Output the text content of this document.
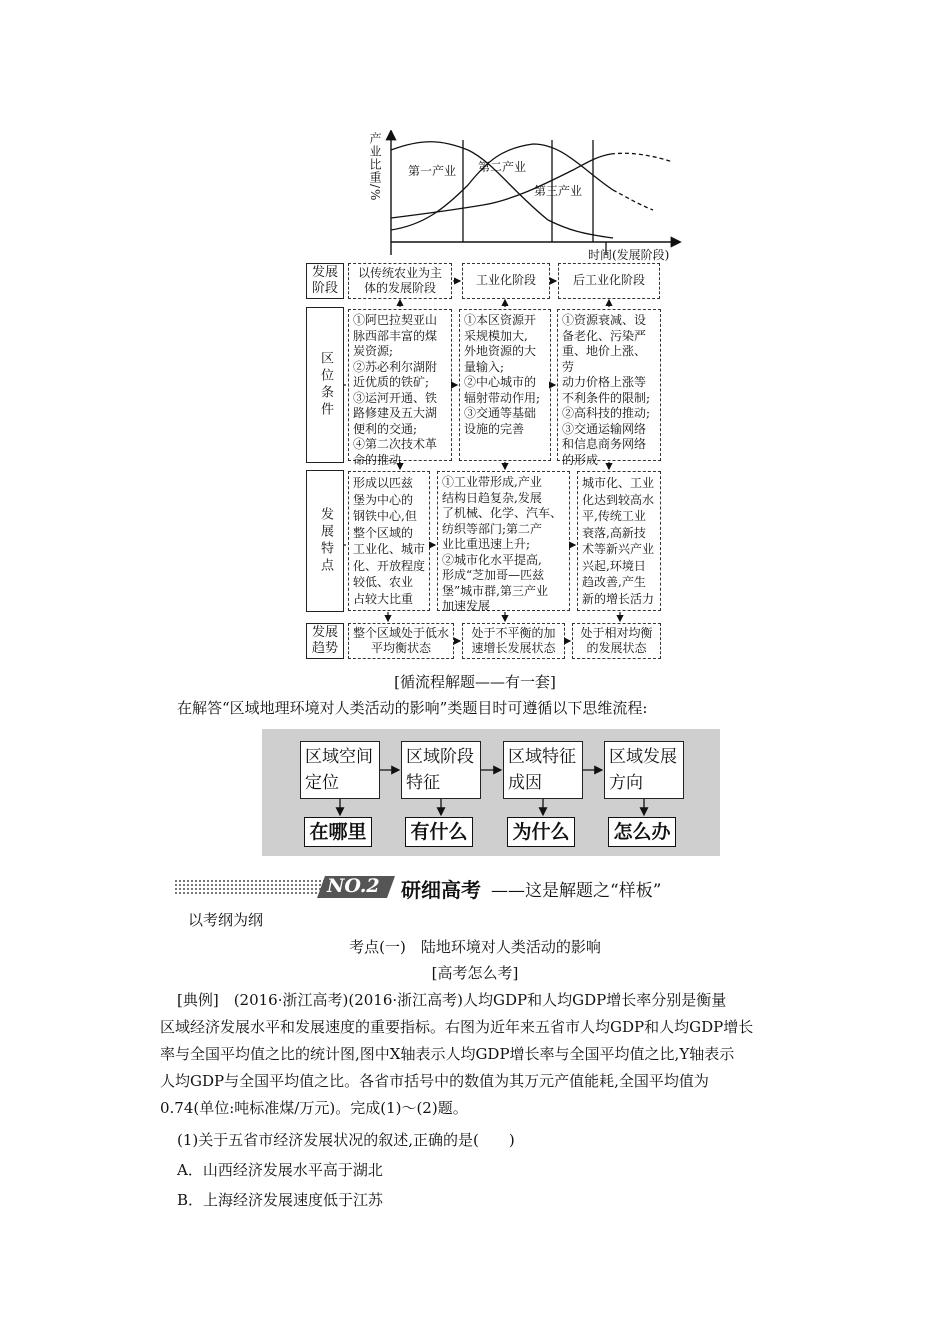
产业比重/% 第一产业 第二产业
第三产业
时间(发展阶段)
发展阶段
区位条件
发展特点
发展趋势
以传统农业为主体的发展阶段
工业化阶段	后工业化阶段
①阿巴拉契亚山
脉西部丰富的煤
炭资源;
②苏必利尔湖附
近优质的铁矿;
③运河开通、铁
路修建及五大湖
便利的交通;
④第二次技术革
命的推动
①本区资源开
采规模加大,
外地资源的大
量输入;
②中心城市的
辐射带动作用;
③交通等基础
设施的完善
①资源衰减、设
备老化、污染严
重、地价上涨、劳
动力价格上涨等
不利条件的限制;
②高科技的推动;
③交通运输网络
和信息商务网络
的形成
形成以匹兹
堡为中心的
钢铁中心,但
整个区域的
工业化、城市
化、开放程度
较低、农业
占较大比重
①工业带形成,产业
结构日趋复杂,发展
了机械、化学、汽车、
纺织等部门;第二产
业比重迅速上升;
②城市化水平提高,
形成“芝加哥—匹兹
堡”城市群,第三产业
加速发展
城市化、工业
化达到较高水
平,传统工业
衰落,高新技
术等新兴产业
兴起,环境日
趋改善,产生
新的增长活力
整个区域处于低水平均衡状态
处于不平衡的加速增长发展状态
处于相对均衡的发展状态
[循流程解题——有一套]
在解答“区域地理环境对人类活动的影响”类题目时可遵循以下思维流程:
区域空间
定位
区域阶段
特征
区域特征
成因
区域发展
方向
在哪里 有什么 为什么 怎么办
NO.2 研细高考 ——这是解题之“样板”
以考纲为纲
考点(一)　陆地环境对人类活动的影响
[高考怎么考]
[典例]　(2016·浙江高考)(2016·浙江高考)人均GDP和人均GDP增长率分别是衡量
区域经济发展水平和发展速度的重要指标。右图为近年来五省市人均GDP和人均GDP增长
率与全国平均值之比的统计图,图中X轴表示人均GDP增长率与全国平均值之比,Y轴表示
人均GDP与全国平均值之比。各省市括号中的数值为其万元产值能耗,全国平均值为
0.74(单位:吨标准煤/万元)。完成(1)～(2)题。
(1)关于五省市经济发展状况的叙述,正确的是(　　)
A．山西经济发展水平高于湖北
B．上海经济发展速度低于江苏
